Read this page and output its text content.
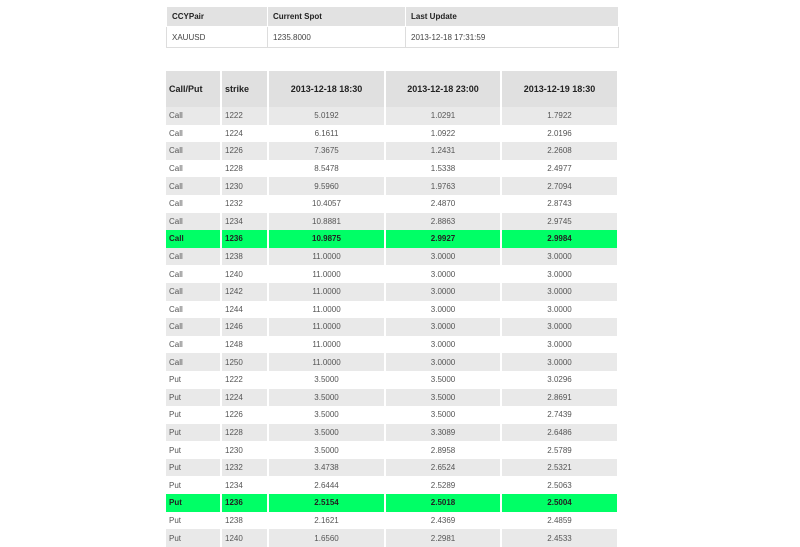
CCYPair	Current Spot	Last Update
XAUUSD	1235.8000	2013-12-18 17:31:59
Call/Put	strike	2013-12-18 18:30	2013-12-18 23:00	2013-12-19 18:30
Call	1222	5.0192	1.0291	1.7922
Call	1224	6.1611	1.0922	2.0196
Call	1226	7.3675	1.2431	2.2608
Call	1228	8.5478	1.5338	2.4977
Call	1230	9.5960	1.9763	2.7094
Call	1232	10.4057	2.4870	2.8743
Call	1234	10.8881	2.8863	2.9745
Call	1236	10.9875	2.9927	2.9984
Call	1238	11.0000	3.0000	3.0000
Call	1240	11.0000	3.0000	3.0000
Call	1242	11.0000	3.0000	3.0000
Call	1244	11.0000	3.0000	3.0000
Call	1246	11.0000	3.0000	3.0000
Call	1248	11.0000	3.0000	3.0000
Call	1250	11.0000	3.0000	3.0000
Put	1222	3.5000	3.5000	3.0296
Put	1224	3.5000	3.5000	2.8691
Put	1226	3.5000	3.5000	2.7439
Put	1228	3.5000	3.3089	2.6486
Put	1230	3.5000	2.8958	2.5789
Put	1232	3.4738	2.6524	2.5321
Put	1234	2.6444	2.5289	2.5063
Put	1236	2.5154	2.5018	2.5004
Put	1238	2.1621	2.4369	2.4859
Put	1240	1.6560	2.2981	2.4533
